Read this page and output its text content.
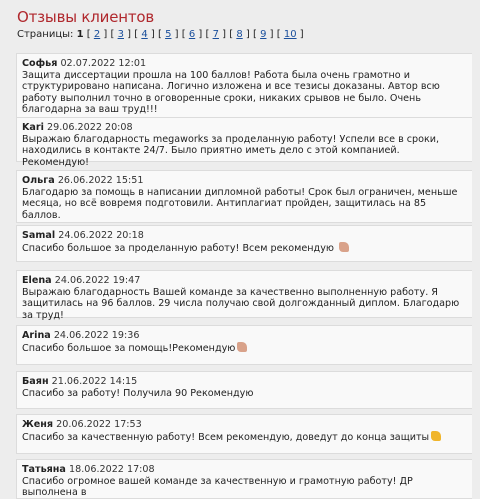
Отзывы клиентов
Страницы: 1 [ 2 ] [ 3 ] [ 4 ] [ 5 ] [ 6 ] [ 7 ] [ 8 ] [ 9 ] [ 10 ]
Софья 02.07.2022 12:01
Защита диссертации прошла на 100 баллов! Работа была очень грамотно и структурировано написана. Логично изложена и все тезисы доказаны. Автор всю работу выполнил точно в оговоренные сроки, никаких срывов не было. Очень благодарна за ваш труд!!!
Kari 29.06.2022 20:08
Выражаю благодарность megaworks за проделанную работу! Успели все в сроки, находились в контакте 24/7. Было приятно иметь дело с этой компанией. Рекомендую!
Ольга 26.06.2022 15:51
Благодарю за помощь в написании дипломной работы! Срок был ограничен, меньше месяца, но всё вовремя подготовили. Антиплагиат пройден, защитилась на 85 баллов.
Samal 24.06.2022 20:18
Спасибо большое за проделанную работу! Всем рекомендую
Elena 24.06.2022 19:47
Выражаю благодарность Вашей команде за качественно выполненную работу. Я защитилась на 96 баллов. 29 числа получаю свой долгожданный диплом. Благодарю за труд!
Arina 24.06.2022 19:36
Спасибо большое за помощь!Рекомендую
Баян 21.06.2022 14:15
Спасибо за работу! Получила 90 Рекомендую
Женя 20.06.2022 17:53
Спасибо за качественную работу! Всем рекомендую, доведут до конца защиты
Татьяна 18.06.2022 17:08
Спасибо огромное вашей команде за качественную и грамотную работу! ДР выполнена в
